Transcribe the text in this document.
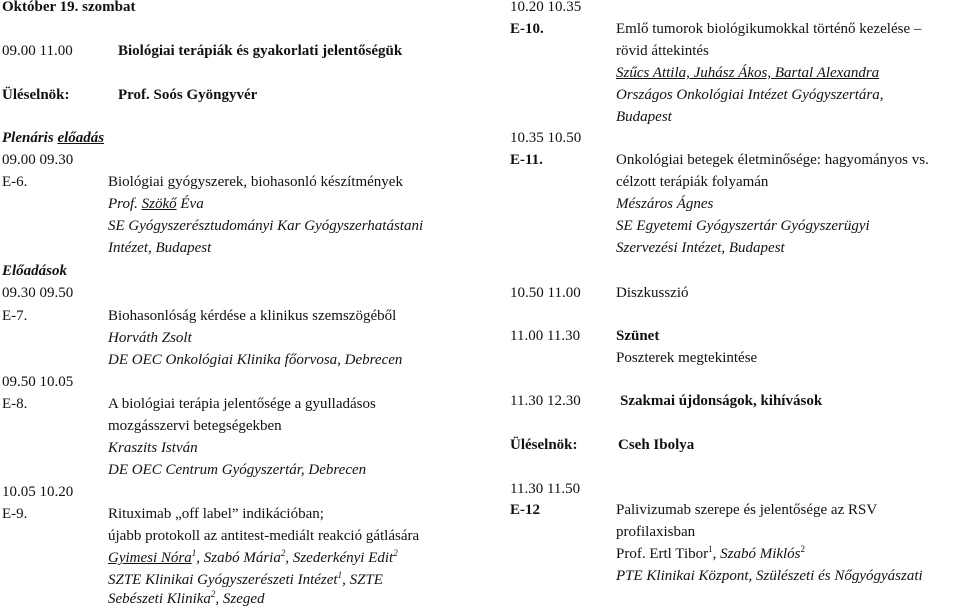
Október 19. szombat
09.00 11.00	Biológiai terápiák és gyakorlati jelentőségük
Üléselnök:	Prof. Soós Gyöngyvér
Plenáris előadás
09.00 09.30
E-6.	Biológiai gyógyszerek, biohasonló készítmények
Prof. Szökő Éva
SE Gyógyszerésztudományi Kar Gyógyszerhatástani
Intézet, Budapest
Előadások
09.30 09.50
E-7.	Biohasonlóság kérdése a klinikus szemszögéből
Horváth Zsolt
DE OEC Onkológiai Klinika főorvosa, Debrecen
09.50 10.05
E-8.	A biológiai terápia jelentősége a gyulladásos
mozgásszervi betegségekben
Kraszits István
DE OEC Centrum Gyógyszertár, Debrecen
10.05 10.20
E-9.	Rituximab „off label” indikációban;
újabb protokoll az antitest-mediált reakció gátlására
Gyimesi Nóra$^1$, Szabó Mária$^2$, Szederkényi Edit$^2$
SZTE Klinikai Gyógyszerészeti Intézet$^1$, SZTE
Sebészeti Klinika$^2$, Szeged
10.20 10.35
E-10.	Emlő tumorok biológikumokkal történő kezelése –
rövid áttekintés
Szűcs Attila, Juhász Ákos, Bartal Alexandra
Országos Onkológiai Intézet Gyógyszertára,
Budapest
10.35 10.50
E-11.	Onkológiai betegek életminősége: hagyományos vs.
célzott terápiák folyamán
Mészáros Ágnes
SE Egyetemi Gyógyszertár Gyógyszerügyi
Szervezési Intézet, Budapest
10.50 11.00 Diszkusszió
11.00 11.30 Szünet
Poszterek megtekintése
11.30 12.30	Szakmai újdonságok, kihívások
Üléselnök:	Cseh Ibolya
11.30 11.50
E-12	Palivizumab szerepe és jelentősége az RSV
profilaxisban
Prof. Ertl Tibor$^1$, Szabó Miklós$^2$
PTE Klinikai Központ, Szülészeti és Nőgyógyászati
